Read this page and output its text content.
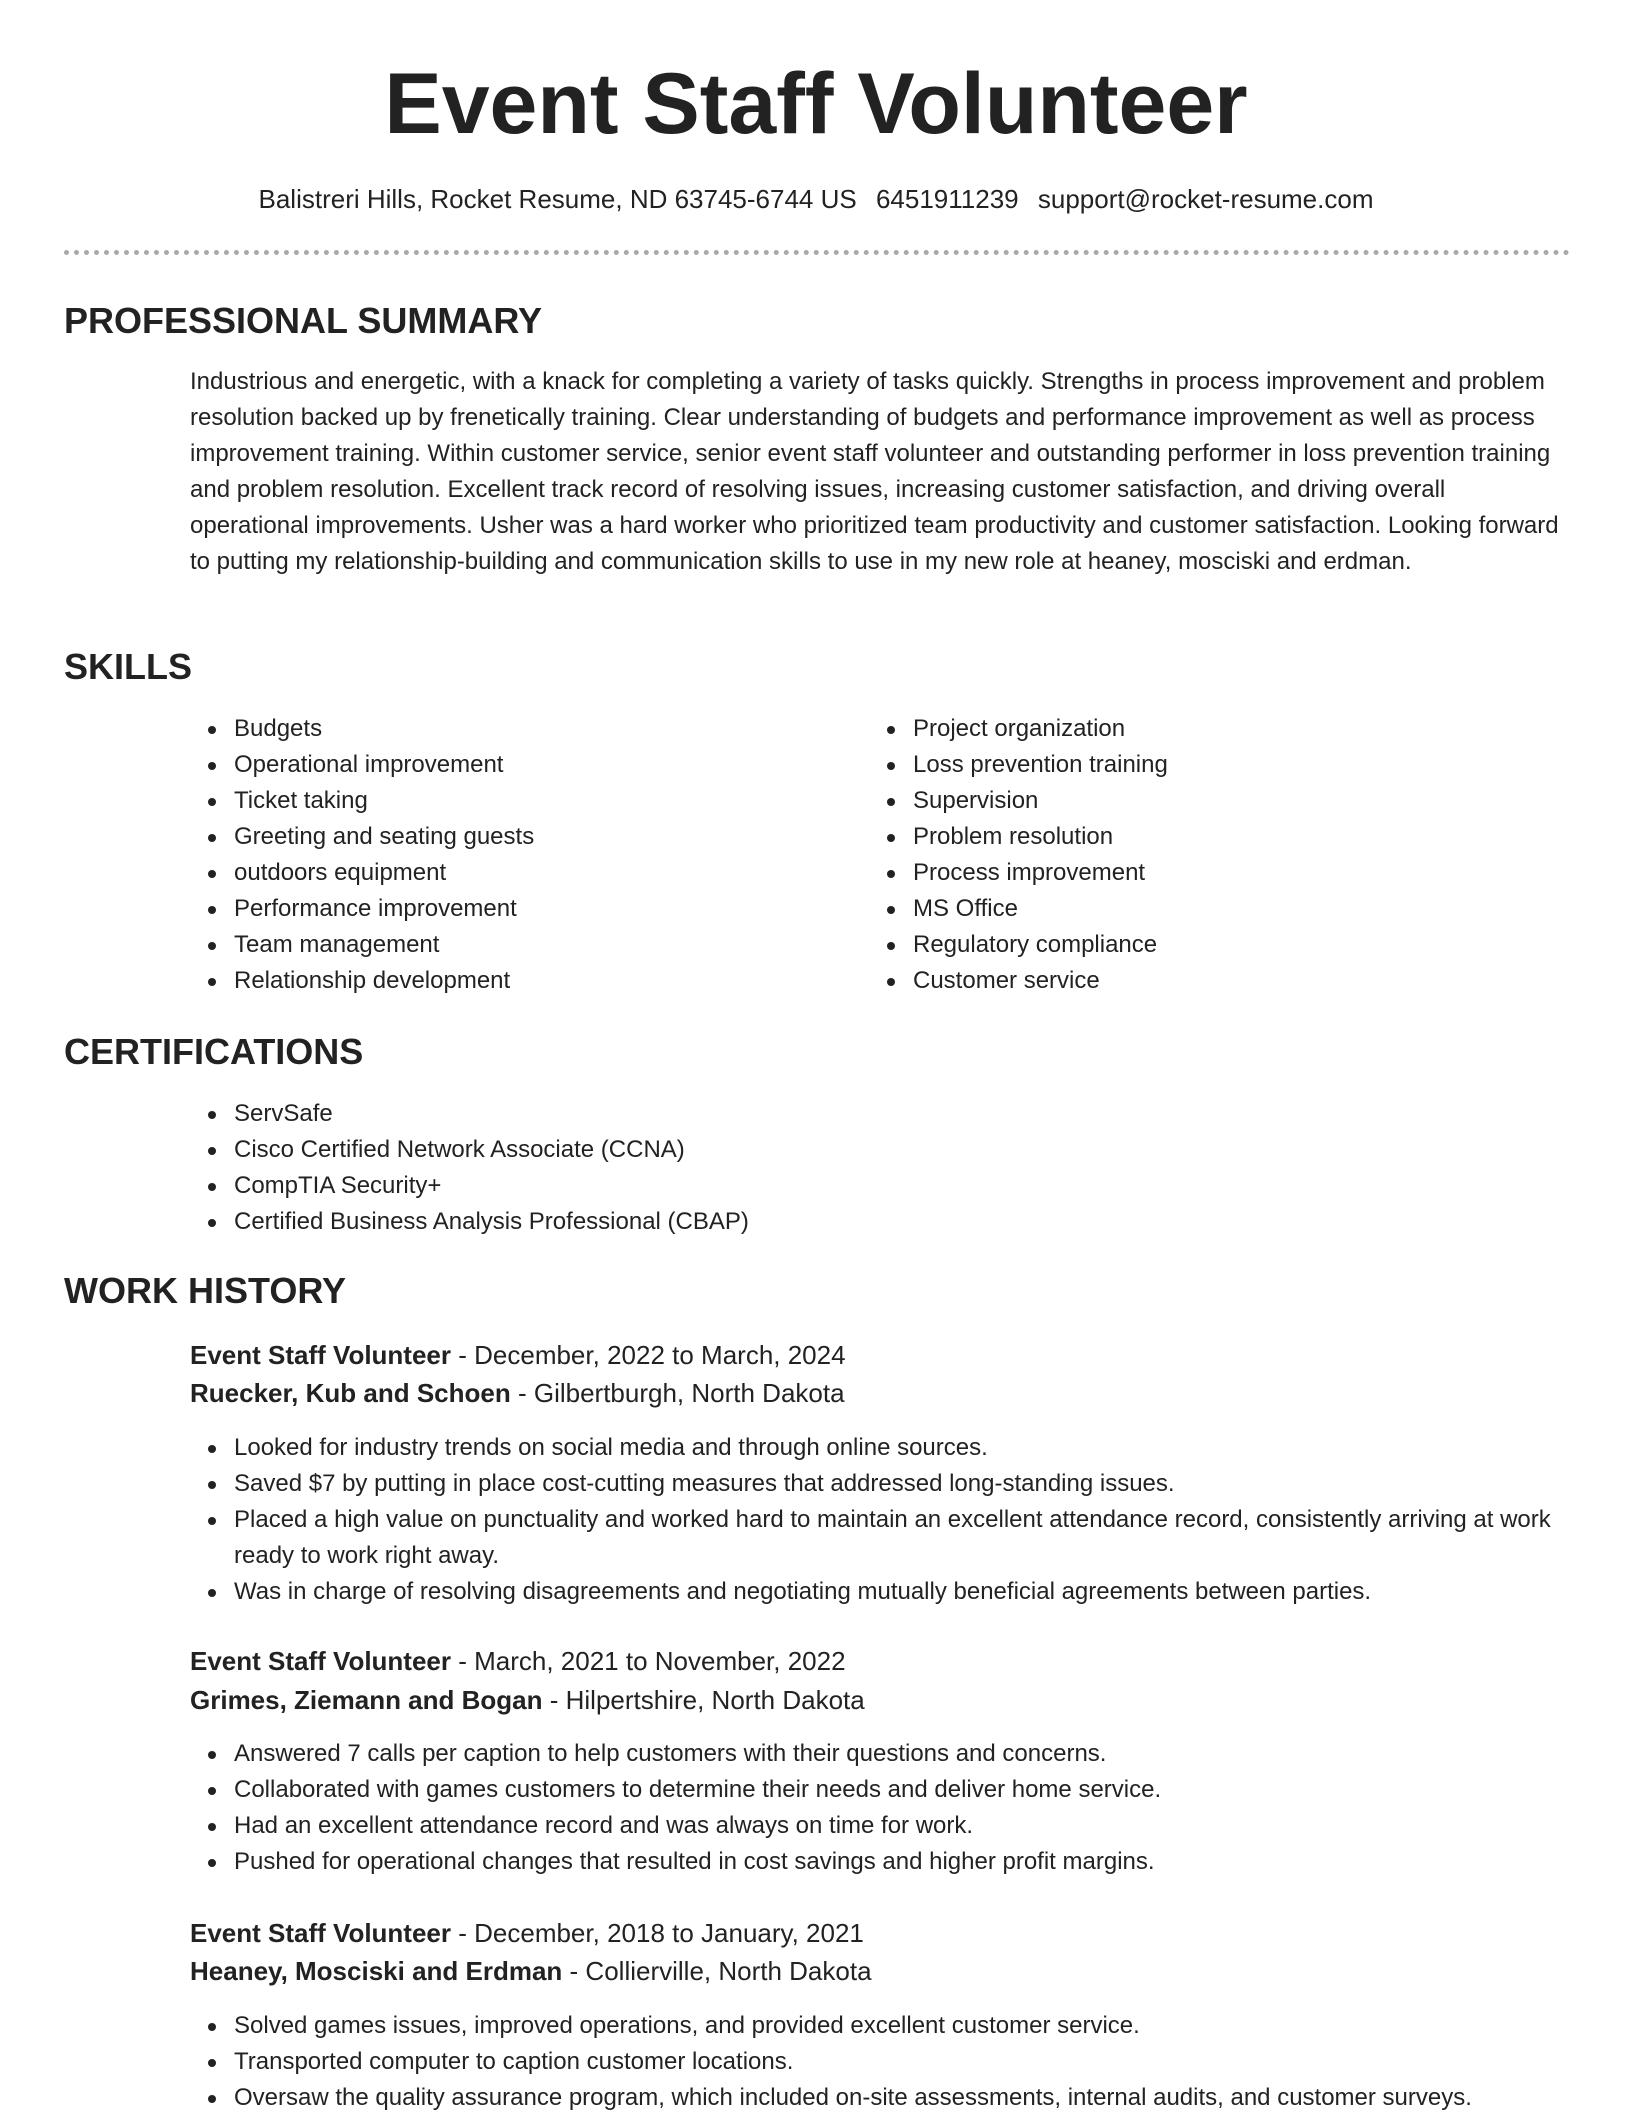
Event Staff Volunteer
Balistreri Hills, Rocket Resume, ND 63745-6744 US 6451911239 support@rocket-resume.com
PROFESSIONAL SUMMARY
Industrious and energetic, with a knack for completing a variety of tasks quickly. Strengths in process improvement and problem resolution backed up by frenetically training. Clear understanding of budgets and performance improvement as well as process improvement training. Within customer service, senior event staff volunteer and outstanding performer in loss prevention training and problem resolution. Excellent track record of resolving issues, increasing customer satisfaction, and driving overall operational improvements. Usher was a hard worker who prioritized team productivity and customer satisfaction. Looking forward to putting my relationship-building and communication skills to use in my new role at heaney, mosciski and erdman.
SKILLS
Budgets
Operational improvement
Ticket taking
Greeting and seating guests
outdoors equipment
Performance improvement
Team management
Relationship development
Project organization
Loss prevention training
Supervision
Problem resolution
Process improvement
MS Office
Regulatory compliance
Customer service
CERTIFICATIONS
ServSafe
Cisco Certified Network Associate (CCNA)
CompTIA Security+
Certified Business Analysis Professional (CBAP)
WORK HISTORY
Event Staff Volunteer - December, 2022 to March, 2024
Ruecker, Kub and Schoen - Gilbertburgh, North Dakota
Looked for industry trends on social media and through online sources.
Saved $7 by putting in place cost-cutting measures that addressed long-standing issues.
Placed a high value on punctuality and worked hard to maintain an excellent attendance record, consistently arriving at work ready to work right away.
Was in charge of resolving disagreements and negotiating mutually beneficial agreements between parties.
Event Staff Volunteer - March, 2021 to November, 2022
Grimes, Ziemann and Bogan - Hilpertshire, North Dakota
Answered 7 calls per caption to help customers with their questions and concerns.
Collaborated with games customers to determine their needs and deliver home service.
Had an excellent attendance record and was always on time for work.
Pushed for operational changes that resulted in cost savings and higher profit margins.
Event Staff Volunteer - December, 2018 to January, 2021
Heaney, Mosciski and Erdman - Collierville, North Dakota
Solved games issues, improved operations, and provided excellent customer service.
Transported computer to caption customer locations.
Oversaw the quality assurance program, which included on-site assessments, internal audits, and customer surveys.
